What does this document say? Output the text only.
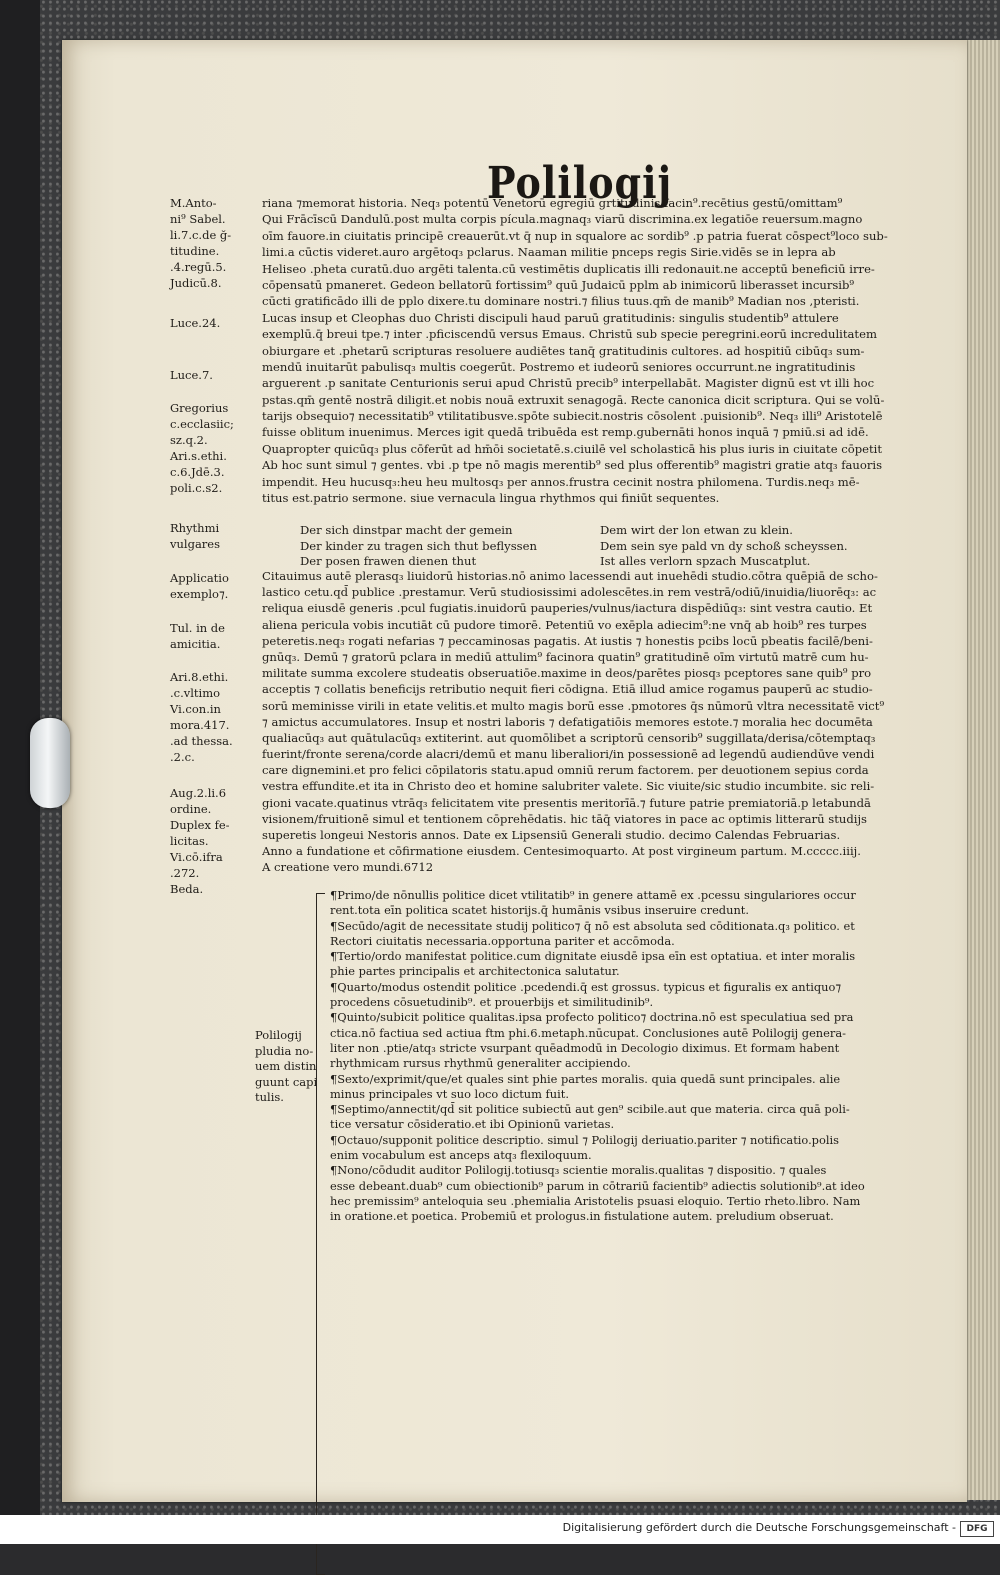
Polilogij
M.Anto-
ni⁹ Sabel.
li.7.c.de ğ-
titudine.
.4.regū.5.
Judicū.8.
Luce.24.
Luce.7.
Gregorius
c.ecclasiic;
sz.q.2.
Ari.s.ethi.
c.6.Jdē.3.
poli.c.s2.
Rhythmi
vulgares
Applicatio
exemplo⁊.
Tul. in de
amicitia.
Ari.8.ethi.
.c.vltimo
Vi.con.in
mora.417.
.ad thessa.
.2.c.
Aug.2.li.6
ordine.
Duplex fe-
licitas.
Vi.cō.ifra
.272.
Beda.
riana ⁊memorat historia. Neq₃ potentū Venetorū egregiū grtitudinis facin⁹.recētius gestū/omittam⁹
Qui Frācīscū Dandulū.post multa corpis pícula.magnaq₃ viarū discrimina.ex legatiōe reuersum.magno
oīm fauore.in ciuitatis principē creauerūt.vt q̄ nup in squalore ac sordib⁹ .p patria fuerat cōspect⁹loco sub-
limi.a cūctis videret.auro argētoq₃ pclarus. Naaman militie pnceps regis Sirie.vidēs se in lepra ab
Heliseo .pheta curatū.duo argēti talenta.cū vestimētis duplicatis illi redonauit.ne acceptū beneficiū irre-
cōpensatū pmaneret. Gedeon bellatorū fortissim⁹ quū Judaicū pplm ab inimicorū liberasset incursib⁹
cūcti gratificādo illi de pplo dixere.tu dominare nostri.⁊ filius tuus.qm̄ de manib⁹ Madian nos ,pteristi.
Lucas insup et Cleophas duo Christi discipuli haud paruū gratitudinis: singulis studentib⁹ attulere
exemplū.q̄ breui tpe.⁊ inter .pficiscendū versus Emaus. Christū sub specie peregrini.eorū incredulitatem
obiurgare et .phetarū scripturas resoluere audiētes tanq̄ gratitudinis cultores. ad hospitiū cibūq₃ sum-
mendū inuitarūt pabulisq₃ multis coegerūt. Postremo et iudeorū seniores occurrunt.ne ingratitudinis
arguerent .p sanitate Centurionis serui apud Christū precib⁹ interpellabāt. Magister dignū est vt illi hoc
pstas.qm̄ gentē nostrā diligit.et nobis nouā extruxit senagogā. Recte canonica dicit scriptura. Qui se volū-
tarijs obsequio⁊ necessitatib⁹ vtilitatibusve.spōte subiecit.nostris cōsolent .puisionib⁹. Neq₃ illi⁹ Aristotelē
fuisse oblitum inuenimus. Merces igit quedā tribuēda est remp.gubernāti honos inquā ⁊ pmiū.si ad idē.
Quapropter quicūq₃ plus cōferūt ad hm̄ōi societatē.s.ciuilē vel scholasticā his plus iuris in ciuitate cōpetit
Ab hoc sunt simul ⁊ gentes. vbi .p tpe nō magis merentib⁹ sed plus offerentib⁹ magistri gratie atq₃ fauoris
impendit. Heu hucusq₃:heu heu multosq₃ per annos.frustra cecinit nostra philomena. Turdis.neq₃ mē-
titus est.patrio sermone. siue vernacula lingua rhythmos qui finiūt sequentes.
Der sich dinstpar macht der gemein	Dem wirt der lon etwan zu klein.
Der kinder zu tragen sich thut beflyssen	Dem sein sye pald vn dy schoß scheyssen.
Der posen frawen dienen thut	Ist alles verlorn spzach Muscatplut.
Citauimus autē plerasq₃ liuidorū historias.nō animo lacessendi aut inuehēdi studio.cōtra quēpiā de scho-
lastico cetu.qd̄ publice .prestamur. Verū studiosissimi adolescētes.in rem vestrā/odiū/inuidia/liuorēq₃: ac
reliqua eiusdē generis .pcul fugiatis.inuidorū pauperies/vulnus/iactura dispēdiūq₃: sint vestra cautio. Et
aliena pericula vobis incutiāt cū pudore timorē. Petentiū vo exēpla adiecim⁹:ne vnq̄ ab hoib⁹ res turpes
peteretis.neq₃ rogati nefarias ⁊ peccaminosas pagatis. At iustis ⁊ honestis pcibs locū pbeatis facilē/beni-
gnūq₃. Demū ⁊ gratorū pclara in mediū attulim⁹ facinora quatin⁹ gratitudinē oīm virtutū matrē cum hu-
militate summa excolere studeatis obseruatiōe.maxime in deos/parētes piosq₃ pceptores sane quib⁹ pro
acceptis ⁊ collatis beneficijs retributio nequit fieri cōdigna. Etiā illud amice rogamus pauperū ac studio-
sorū meminisse virili in etate velitis.et multo magis borū esse .pmotores q̄s nūmorū vltra necessitatē vict⁹
⁊ amictus accumulatores. Insup et nostri laboris ⁊ defatigatiōis memores estote.⁊ moralia hec documēta
qualiacūq₃ aut quātulacūq₃ extiterint. aut quomōlibet a scriptorū censorib⁹ suggillata/derisa/cōtemptaq₃
fuerint/fronte serena/corde alacri/demū et manu liberaliori/in possessionē ad legendū audiendūve vendi
care dignemini.et pro felici cōpilatoris statu.apud omniū rerum factorem. per deuotionem sepius corda
vestra effundite.et ita in Christo deo et homine salubriter valete. Sic viuite/sic studio incumbite. sic reli-
gioni vacate.quatinus vtrāq₃ felicitatem vite presentis meritorīā.⁊ future patrie premiatoriā.p letabundā
visionem/fruitionē simul et tentionem cōprehēdatis. hic tāq̄ viatores in pace ac optimis litterarū studijs
superetis longeui Nestoris annos. Date ex Lipsensiū Generali studio. decimo Calendas Februarias.
Anno a fundatione et cōfirmatione eiusdem. Centesimoquarto. At post virgineum partum. M.ccccc.iiij.
A creatione vero mundi.6712
Polilogij
pludia no-
uem distin
guunt capi
tulis.
¶Primo/de nōnullis politice dicet vtilitatib⁹ in genere attamē ex .pcessu singulariores occur
rent.tota eīn politica scatet historijs.q̄ humānis vsibus inseruire credunt.
¶Secūdo/agit de necessitate studij politico⁊ q̄ nō est absoluta sed cōditionata.q₃ politico. et
Rectori ciuitatis necessaria.opportuna pariter et accōmoda.
¶Tertio/ordo manifestat politice.cum dignitate eiusdē ipsa eīn est optatiua. et inter moralis
phie partes principalis et architectonica salutatur.
¶Quarto/modus ostendit politice .pcedendi.q̄ est grossus. typicus et figuralis ex antiquo⁊
procedens cōsuetudinib⁹. et prouerbijs et similitudinib⁹.
¶Quinto/subicit politice qualitas.ipsa profecto politico⁊ doctrina.nō est speculatiua sed pra
ctica.nō factiua sed actiua ftm phi.6.metaph.nūcupat. Conclusiones autē Polilogij genera-
liter non .ptie/atq₃ stricte vsurpant quēadmodū in Decologio diximus. Et formam habent
rhythmicam rursus rhythmū generaliter accipiendo.
¶Sexto/exprimit/que/et quales sint phie partes moralis. quia quedā sunt principales. alie
minus principales vt suo loco dictum fuit.
¶Septimo/annectit/qd̄ sit politice subiectū aut gen⁹ scibile.aut que materia. circa quā poli-
tice versatur cōsideratio.et ibi Opinionū varietas.
¶Octauo/supponit politice descriptio. simul ⁊ Polilogij deriuatio.pariter ⁊ notificatio.polis
enim vocabulum est anceps atq₃ flexiloquum.
¶Nono/cōdudit auditor Polilogij.totiusq₃ scientie moralis.qualitas ⁊ dispositio. ⁊ quales
esse debeant.duab⁹ cum obiectionib⁹ parum in cōtrariū facientib⁹ adiectis solutionib⁹.at ideo
hec premissim⁹ anteloquia seu .phemialia Aristotelis psuasi eloquio. Tertio rheto.libro. Nam
in oratione.et poetica. Probemiū et prologus.in fistulatione autem. preludium obseruat.
Digitalisierung gefördert durch die Deutsche Forschungsgemeinschaft -	DFG
